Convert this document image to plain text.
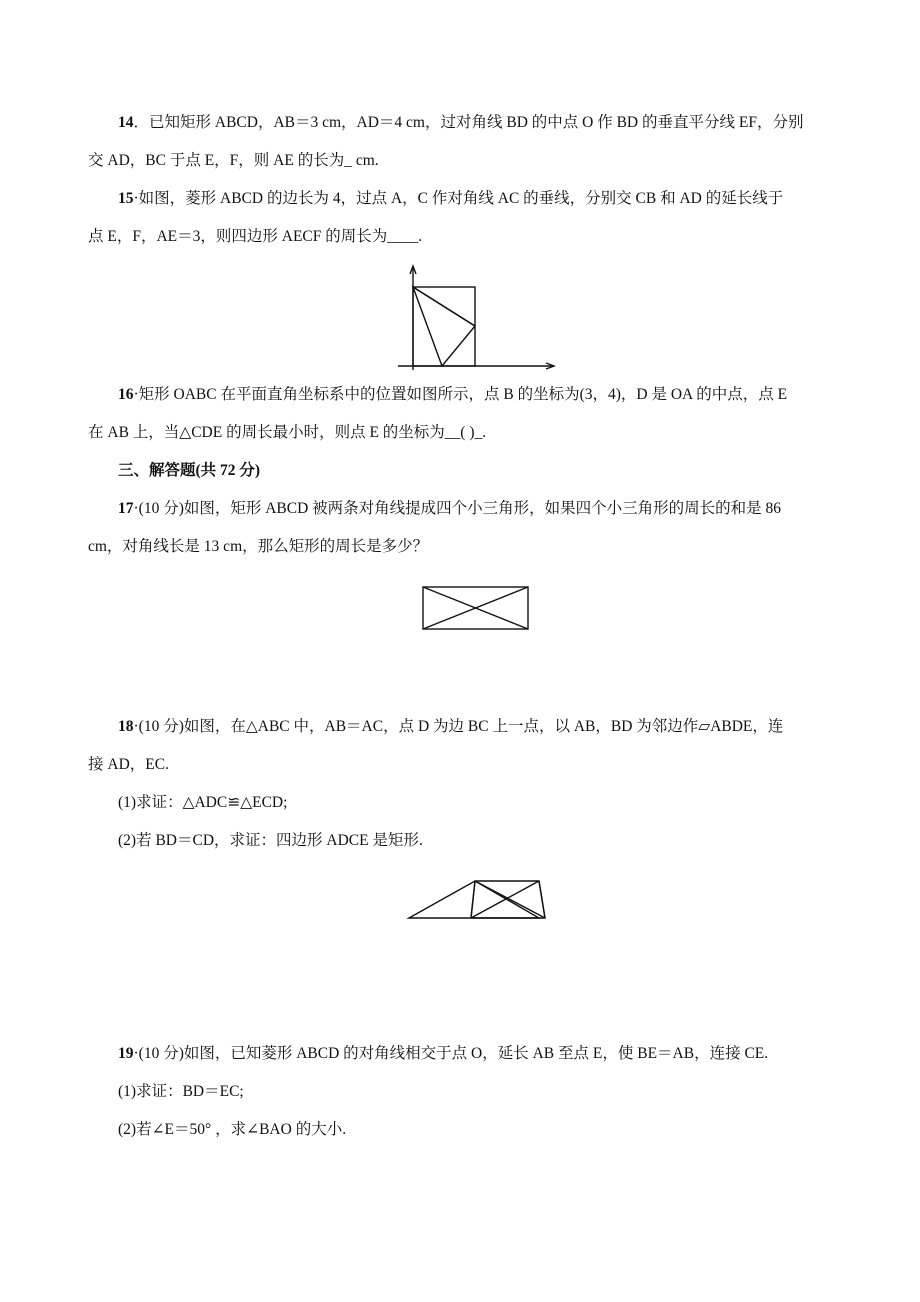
14．已知矩形 ABCD，AB＝3 cm，AD＝4 cm，过对角线 BD 的中点 O 作 BD 的垂直平分线 EF，分别
交 AD，BC 于点 E，F，则 AE 的长为_ cm.
15·如图，菱形 ABCD 的边长为 4，过点 A，C 作对角线 AC 的垂线，分别交 CB 和 AD 的延长线于
点 E，F，AE＝3，则四边形 AECF 的周长为____.
16·矩形 OABC 在平面直角坐标系中的位置如图所示，点 B 的坐标为(3，4)，D 是 OA 的中点，点 E
在 AB 上，当△CDE 的周长最小时，则点 E 的坐标为__( )_.
三、解答题(共 72 分)
17·(10 分)如图，矩形 ABCD 被两条对角线提成四个小三角形，如果四个小三角形的周长的和是 86
cm，对角线长是 13 cm，那么矩形的周长是多少？
18·(10 分)如图，在△ABC 中，AB＝AC，点 D 为边 BC 上一点，以 AB，BD 为邻边作▱ABDE，连
接 AD，EC.
(1)求证：△ADC≌△ECD;
(2)若 BD＝CD，求证：四边形 ADCE 是矩形.
19·(10 分)如图，已知菱形 ABCD 的对角线相交于点 O，延长 AB 至点 E，使 BE＝AB，连接 CE.
(1)求证：BD＝EC;
(2)若∠E＝50° ，求∠BAO 的大小.
